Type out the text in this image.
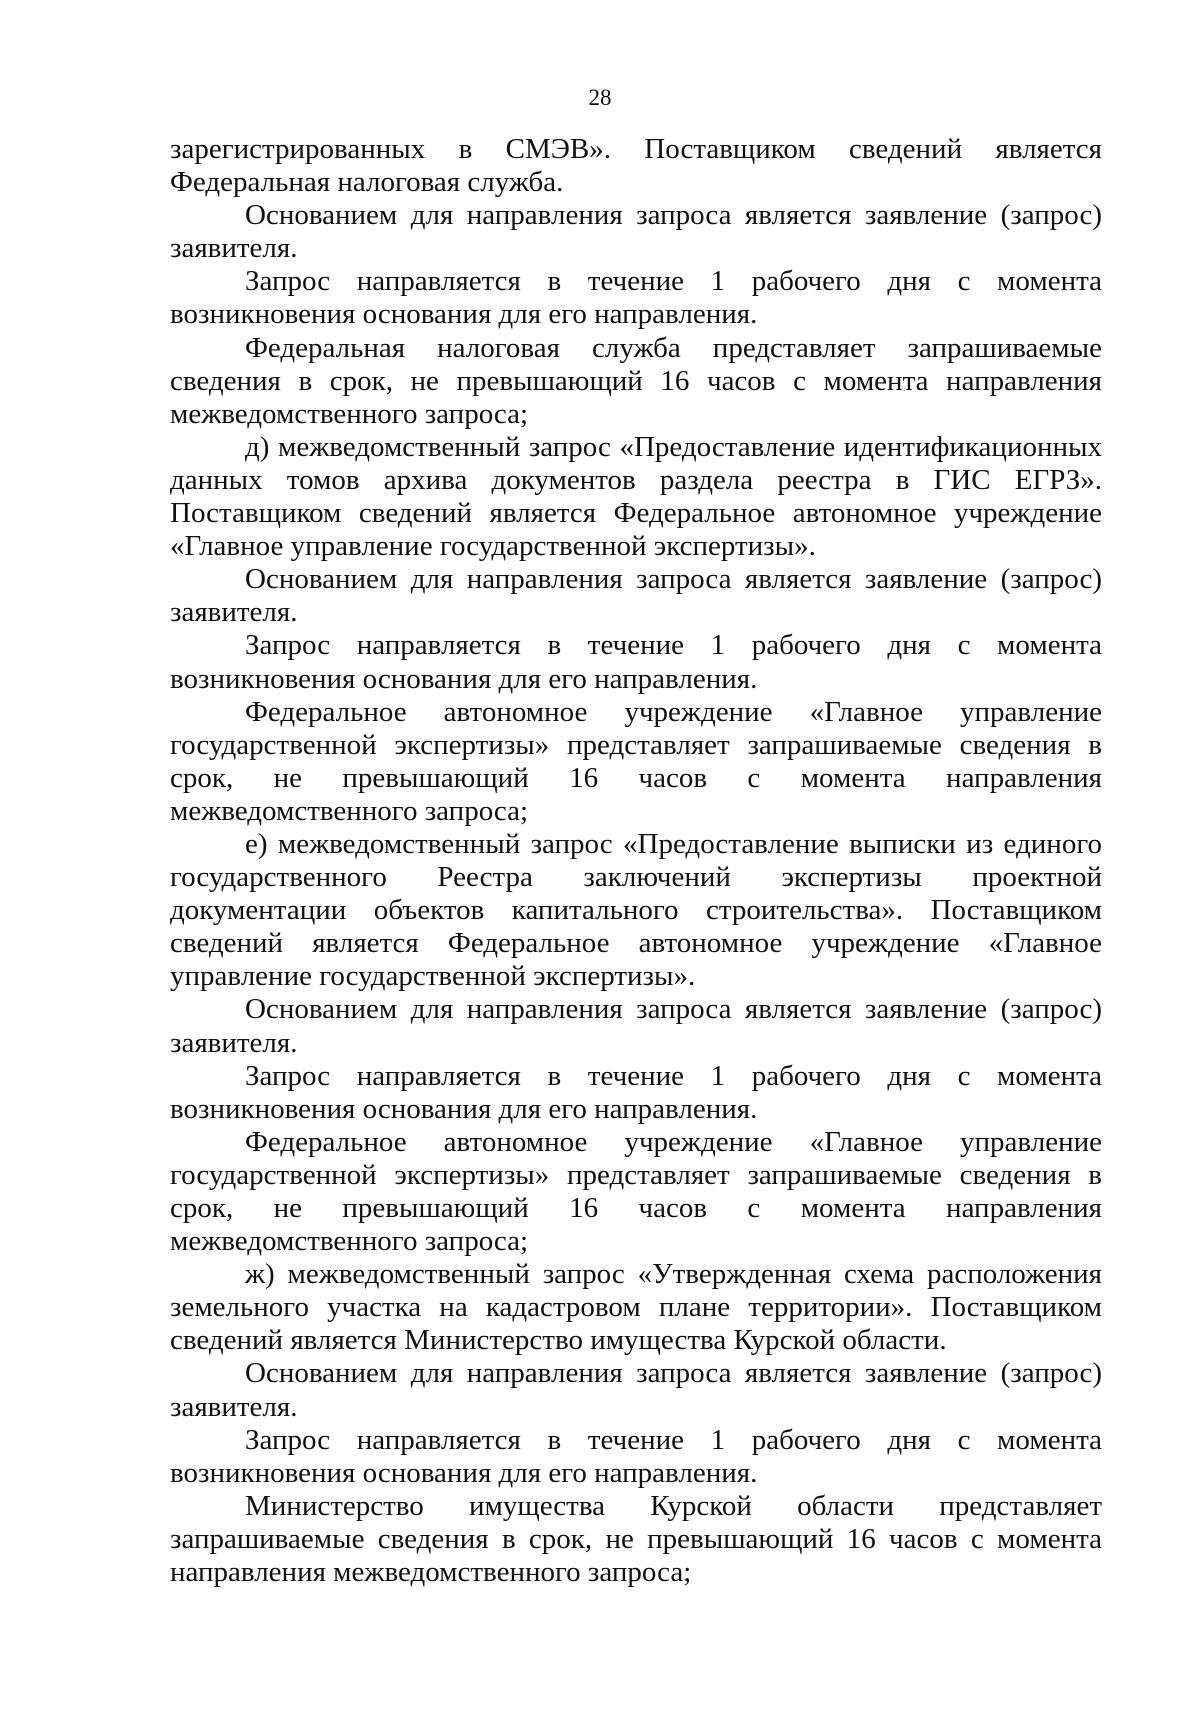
28

зарегистрированных в СМЭВ». Поставщиком сведений является Федеральная налоговая служба.

Основанием для направления запроса является заявление (запрос) заявителя.

Запрос направляется в течение 1 рабочего дня с момента возникновения основания для его направления.

Федеральная налоговая служба представляет запрашиваемые сведения в срок, не превышающий 16 часов с момента направления межведомственного запроса;

д) межведомственный запрос «Предоставление идентификационных данных томов архива документов раздела реестра в ГИС ЕГРЗ». Поставщиком сведений является Федеральное автономное учреждение «Главное управление государственной экспертизы».

Основанием для направления запроса является заявление (запрос) заявителя.

Запрос направляется в течение 1 рабочего дня с момента возникновения основания для его направления.

Федеральное автономное учреждение «Главное управление государственной экспертизы» представляет запрашиваемые сведения в срок, не превышающий 16 часов с момента направления межведомственного запроса;

е) межведомственный запрос «Предоставление выписки из единого государственного Реестра заключений экспертизы проектной документации объектов капитального строительства». Поставщиком сведений является Федеральное автономное учреждение «Главное управление государственной экспертизы».

Основанием для направления запроса является заявление (запрос) заявителя.

Запрос направляется в течение 1 рабочего дня с момента возникновения основания для его направления.

Федеральное автономное учреждение «Главное управление государственной экспертизы» представляет запрашиваемые сведения в срок, не превышающий 16 часов с момента направления межведомственного запроса;

ж) межведомственный запрос «Утвержденная схема расположения земельного участка на кадастровом плане территории». Поставщиком сведений является Министерство имущества Курской области.

Основанием для направления запроса является заявление (запрос) заявителя.

Запрос направляется в течение 1 рабочего дня с момента возникновения основания для его направления.

Министерство имущества Курской области представляет запрашиваемые сведения в срок, не превышающий 16 часов с момента направления межведомственного запроса;
